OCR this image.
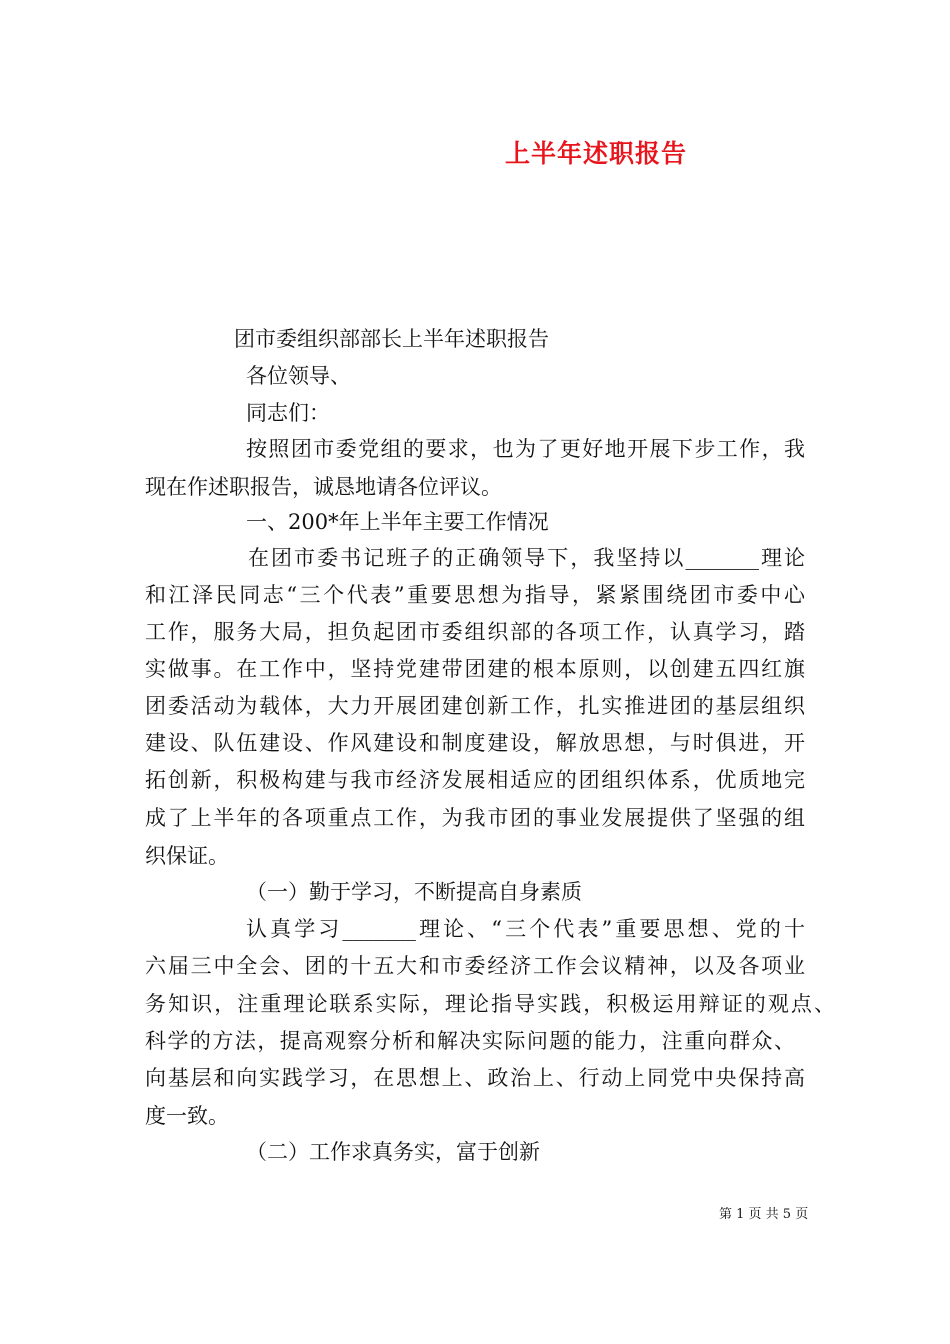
上半年述职报告
团市委组织部部长上半年述职报告
各位领导、
同志们：
按照团市委党组的要求，也为了更好地开展下步工作，我
现在作述职报告，诚恳地请各位评议。
一、200*年上半年主要工作情况
在团市委书记班子的正确领导下，我坚持以_______理论
和江泽民同志“三个代表”重要思想为指导，紧紧围绕团市委中心
工作，服务大局，担负起团市委组织部的各项工作，认真学习，踏
实做事。在工作中，坚持党建带团建的根本原则，以创建五四红旗
团委活动为载体，大力开展团建创新工作，扎实推进团的基层组织
建设、队伍建设、作风建设和制度建设，解放思想，与时俱进，开
拓创新，积极构建与我市经济发展相适应的团组织体系，优质地完
成了上半年的各项重点工作，为我市团的事业发展提供了坚强的组
织保证。
（一）勤于学习，不断提高自身素质
认真学习_______理论、“三个代表”重要思想、党的十
六届三中全会、团的十五大和市委经济工作会议精神，以及各项业
务知识，注重理论联系实际，理论指导实践，积极运用辩证的观点、
科学的方法，提高观察分析和解决实际问题的能力，注重向群众、
向基层和向实践学习，在思想上、政治上、行动上同党中央保持高
度一致。
（二）工作求真务实，富于创新
第 1 页 共 5 页
